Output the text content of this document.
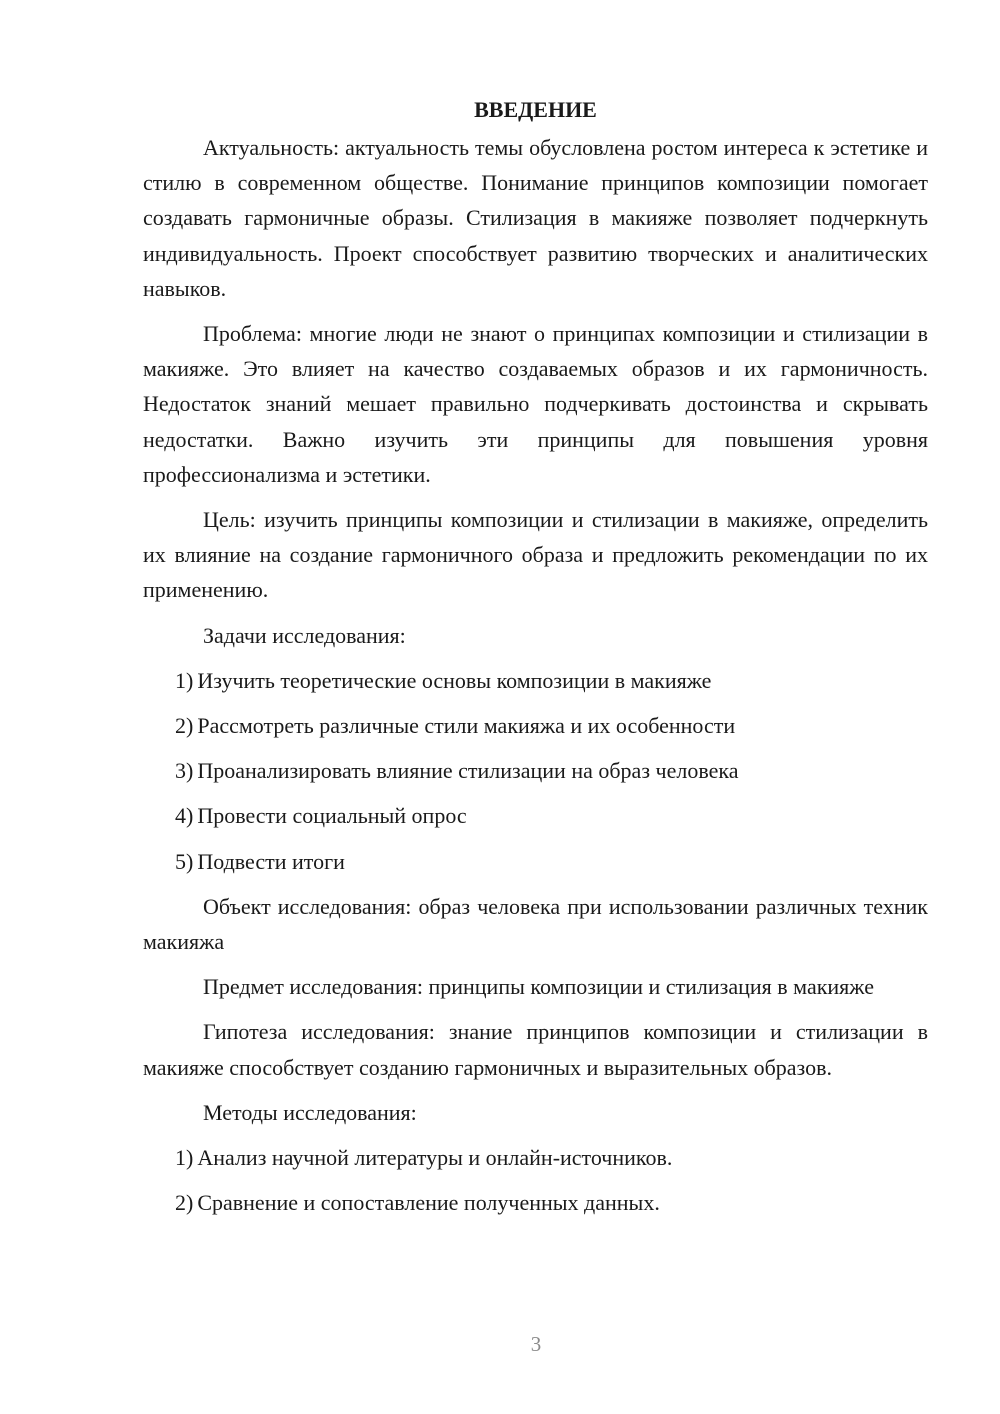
ВВЕДЕНИЕ

Актуальность: актуальность темы обусловлена ростом интереса к эстетике и стилю в современном обществе. Понимание принципов композиции помогает создавать гармоничные образы. Стилизация в макияже позволяет подчеркнуть индивидуальность. Проект способствует развитию творческих и аналитических навыков.

Проблема: многие люди не знают о принципах композиции и стилизации в макияже. Это влияет на качество создаваемых образов и их гармоничность. Недостаток знаний мешает правильно подчеркивать достоинства и скрывать недостатки. Важно изучить эти принципы для повышения уровня профессионализма и эстетики.

Цель: изучить принципы композиции и стилизации в макияже, определить их влияние на создание гармоничного образа и предложить рекомендации по их применению.

Задачи исследования:

1) Изучить теоретические основы композиции в макияже
2) Рассмотреть различные стили макияжа и их особенности
3) Проанализировать влияние стилизации на образ человека
4) Провести социальный опрос
5) Подвести итоги

Объект исследования: образ человека при использовании различных техник макияжа

Предмет исследования: принципы композиции и стилизация в макияже

Гипотеза исследования: знание принципов композиции и стилизации в макияже способствует созданию гармоничных и выразительных образов.

Методы исследования:

1) Анализ научной литературы и онлайн-источников.
2) Сравнение и сопоставление полученных данных.
3
